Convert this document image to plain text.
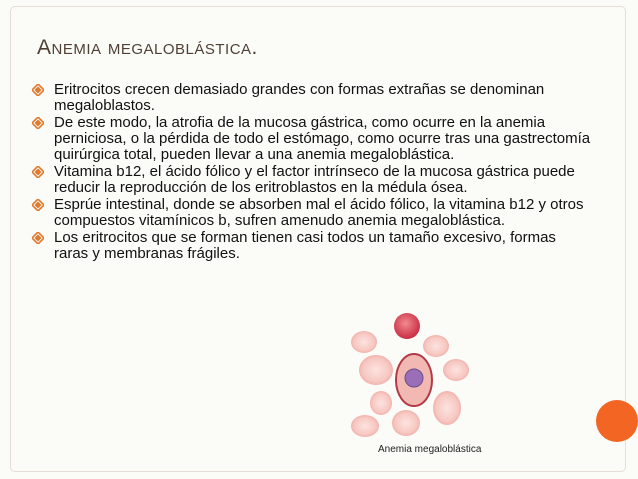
Anemia megaloblástica.
Eritrocitos crecen demasiado grandes con formas extrañas se denominan megaloblastos.
De este modo, la atrofia de la mucosa gástrica, como ocurre en la anemia perniciosa, o la pérdida de todo el estómago, como ocurre tras una gastrectomía quirúrgica total, pueden llevar a una anemia megaloblástica.
Vitamina b12, el ácido fólico y el factor intrínseco de la mucosa gástrica puede reducir la reproducción de los eritroblastos en la médula ósea.
Esprúe intestinal, donde se absorben mal el ácido fólico, la vitamina b12 y otros compuestos vitamínicos b, sufren amenudo anemia megaloblástica.
Los eritrocitos que se forman tienen casi todos un tamaño excesivo, formas raras y membranas frágiles.
Anemia megaloblástica
